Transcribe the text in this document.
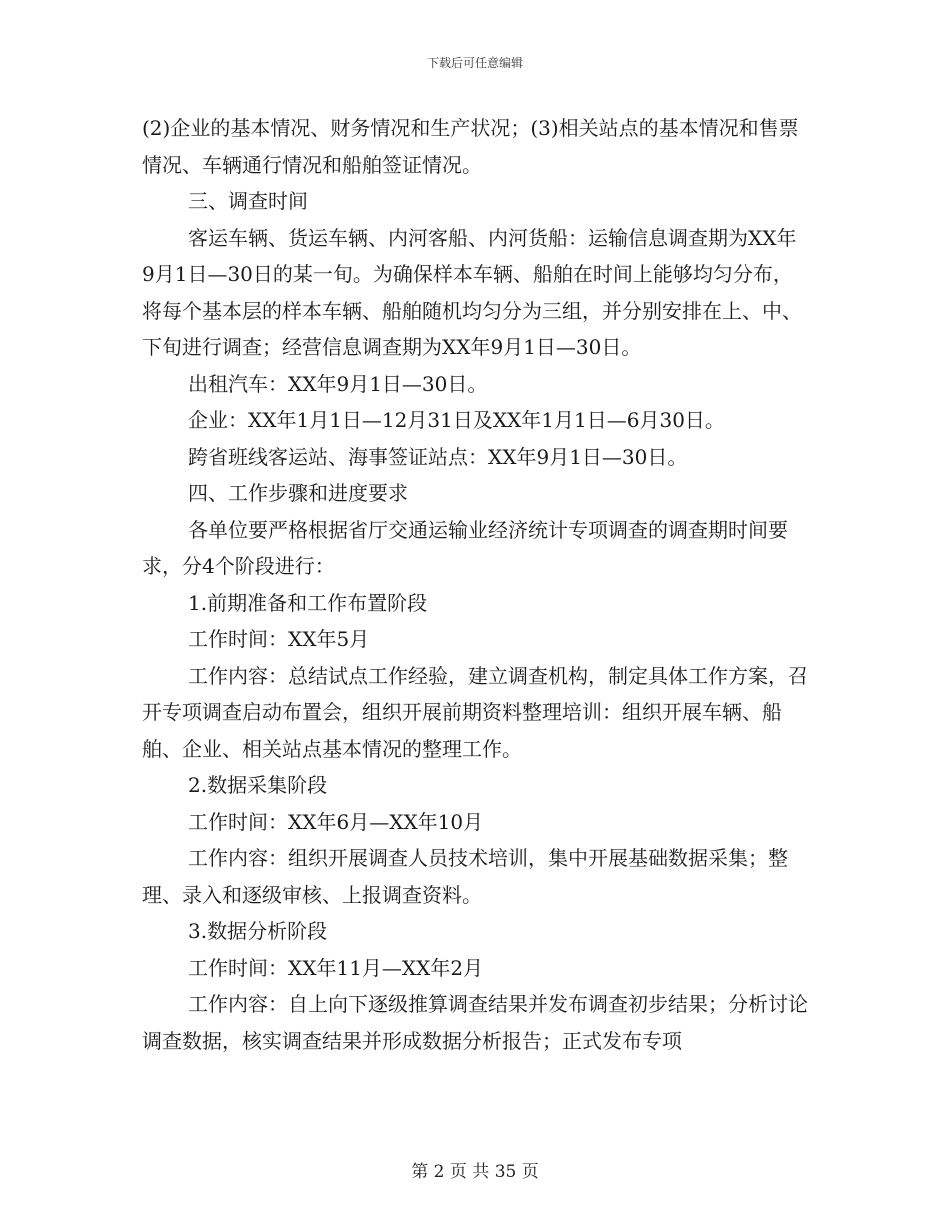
下载后可任意编辑

(2)企业的基本情况、财务情况和生产状况；(3)相关站点的基本情况和售票情况、车辆通行情况和船舶签证情况。

三、调查时间

客运车辆、货运车辆、内河客船、内河货船：运输信息调查期为XX年9月1日—30日的某一旬。为确保样本车辆、船舶在时间上能够均匀分布，将每个基本层的样本车辆、船舶随机均匀分为三组，并分别安排在上、中、下旬进行调查；经营信息调查期为XX年9月1日—30日。

出租汽车：XX年9月1日—30日。

企业：XX年1月1日—12月31日及XX年1月1日—6月30日。

跨省班线客运站、海事签证站点：XX年9月1日—30日。

四、工作步骤和进度要求

各单位要严格根据省厅交通运输业经济统计专项调查的调查期时间要求，分4个阶段进行：

1.前期准备和工作布置阶段

工作时间：XX年5月

工作内容：总结试点工作经验，建立调查机构，制定具体工作方案，召开专项调查启动布置会，组织开展前期资料整理培训：组织开展车辆、船舶、企业、相关站点基本情况的整理工作。

2.数据采集阶段

工作时间：XX年6月—XX年10月

工作内容：组织开展调查人员技术培训，集中开展基础数据采集；整理、录入和逐级审核、上报调查资料。

3.数据分析阶段

工作时间：XX年11月—XX年2月

工作内容：自上向下逐级推算调查结果并发布调查初步结果；分析讨论调查数据，核实调查结果并形成数据分析报告；正式发布专项

第 2 页 共 35 页
